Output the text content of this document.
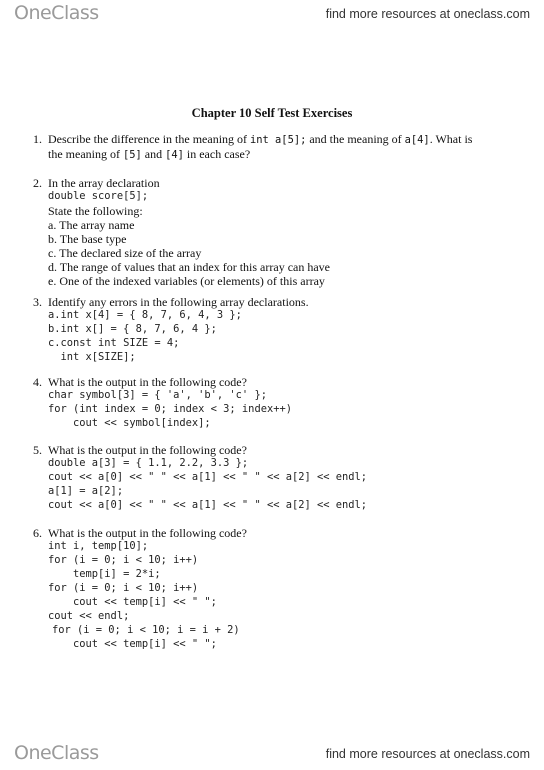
OneClass	find more resources at oneclass.com
Chapter 10 Self Test Exercises
1. Describe the difference in the meaning of int a[5]; and the meaning of a[4]. What is
the meaning of [5] and [4] in each case?
2. In the array declaration
double score[5];
State the following:
a. The array name
b. The base type
c. The declared size of the array
d. The range of values that an index for this array can have
e. One of the indexed variables (or elements) of this array
3. Identify any errors in the following array declarations.
a.int x[4] = { 8, 7, 6, 4, 3 };
b.int x[] = { 8, 7, 6, 4 };
c.const int SIZE = 4;
int x[SIZE];
4. What is the output in the following code?
char symbol[3] = { 'a', 'b', 'c' };
for (int index = 0; index < 3; index++)
cout << symbol[index];
5. What is the output in the following code?
double a[3] = { 1.1, 2.2, 3.3 };
cout << a[0] << " " << a[1] << " " << a[2] << endl;
a[1] = a[2];
cout << a[0] << " " << a[1] << " " << a[2] << endl;
6. What is the output in the following code?
int i, temp[10];
for (i = 0; i < 10; i++)
temp[i] = 2*i;
for (i = 0; i < 10; i++)
cout << temp[i] << " ";
cout << endl;
for (i = 0; i < 10; i = i + 2)
cout << temp[i] << " ";
OneClass	find more resources at oneclass.com
